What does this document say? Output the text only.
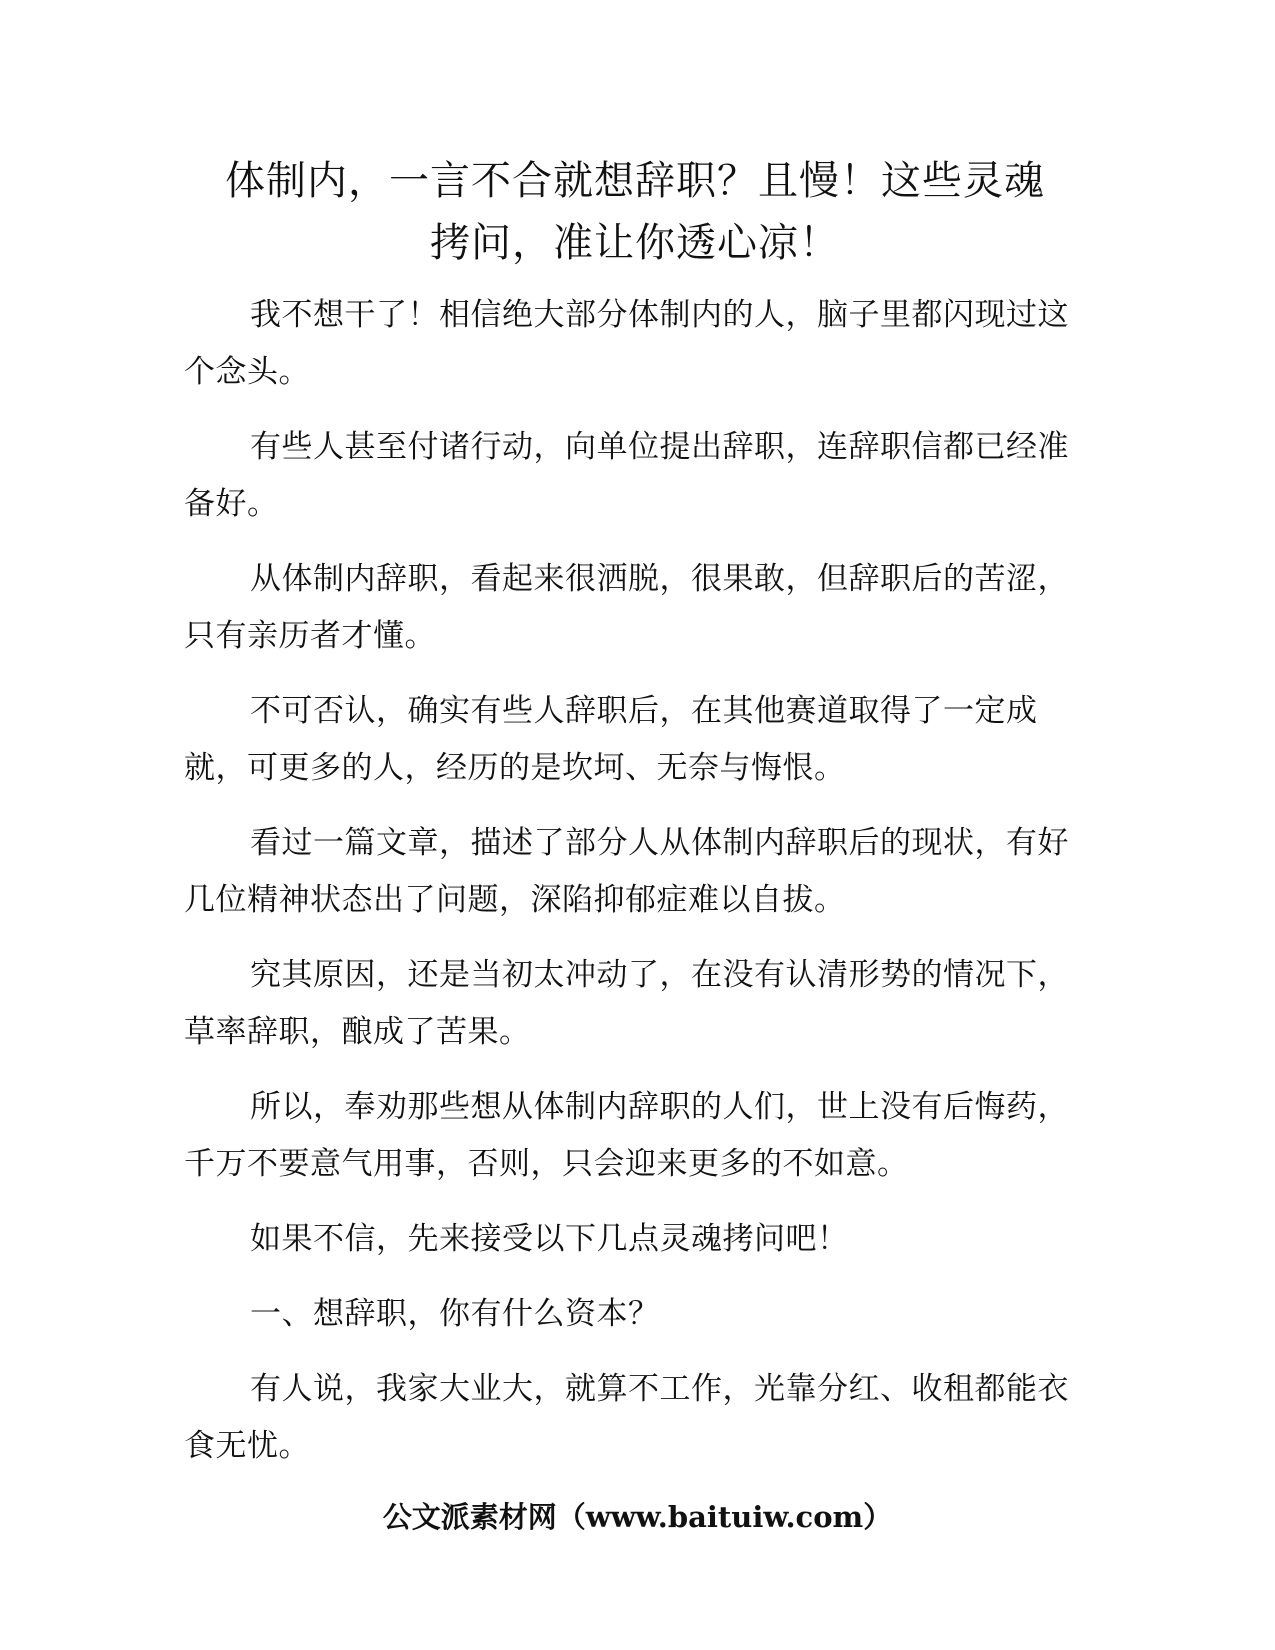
体制内，一言不合就想辞职？且慢！这些灵魂
拷问，准让你透心凉！

我不想干了！相信绝大部分体制内的人，脑子里都闪现过这个念头。

有些人甚至付诸行动，向单位提出辞职，连辞职信都已经准备好。

从体制内辞职，看起来很洒脱，很果敢，但辞职后的苦涩，只有亲历者才懂。

不可否认，确实有些人辞职后，在其他赛道取得了一定成就，可更多的人，经历的是坎坷、无奈与悔恨。

看过一篇文章，描述了部分人从体制内辞职后的现状，有好几位精神状态出了问题，深陷抑郁症难以自拔。

究其原因，还是当初太冲动了，在没有认清形势的情况下，草率辞职，酿成了苦果。

所以，奉劝那些想从体制内辞职的人们，世上没有后悔药，千万不要意气用事，否则，只会迎来更多的不如意。

如果不信，先来接受以下几点灵魂拷问吧！

一、想辞职，你有什么资本？

有人说，我家大业大，就算不工作，光靠分红、收租都能衣食无忧。

公文派素材网（www.baituiw.com）
